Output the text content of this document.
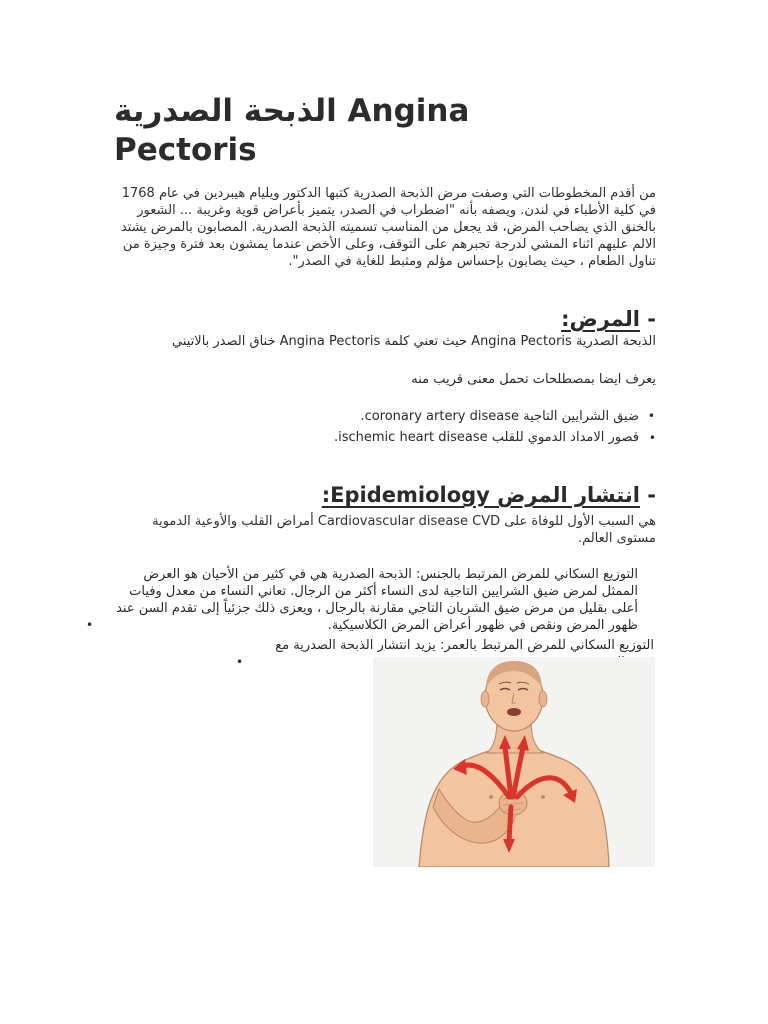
الذبحة الصدرية Angina Pectoris

من أقدم المخطوطات التي وصفت مرض الذبحة الصدرية كتبها الدكتور ويليام هيبردين في عام 1768 في كلية الأطباء في لندن. ويصفه بأنه "اضطراب في الصدر، يتميز بأعراض قوية وغريبة ... الشعور بالخنق الذي يصاحب المرض، قد يجعل من المناسب تسميته الذبحة الصدرية. المصابون بالمرض يشتد الالم عليهم اثناء المشي لدرجة تجبرهم على التوقف، وعلى الأخص عندما يمشون بعد فترة وجيزة من تناول الطعام ، حيث يصابون بإحساس مؤلم ومثبط للغاية في الصدر".

- المرض:

الذبحة الصدرية Angina Pectoris حيث تعني كلمة Angina Pectoris خناق الصدر بالاتيني

يعرف ايضا بمصطلحات تحمل معنى قريب منه

ضيق الشرايين التاجية coronary artery disease. •
قصور الامداد الدموي للقلب ischemic heart disease. •
- انتشار المرض Epidemiology:

هي السبب الأول للوفاة على Cardiovascular disease CVD أمراض القلب والأوعية الدموية مستوى العالم.

التوزيع السكاني للمرض المرتبط بالجنس: الذبحة الصدرية هي في كثير من الأحيان هو العرض الممثل لمرض ضيق الشرايين التاجية لدى النساء أكثر من الرجال. تعاني النساء من معدل وفيات أعلى بقليل من مرض ضيق الشريان التاجي مقارنة بالرجال ، ويعزى ذلك جزئياً إلى تقدم السن عند ظهور المرض ونقص في ظهور أعراض المرض الكلاسيكية.
•
التوزيع السكاني للمرض المرتبط بالعمر: يزيد انتشار الذبحة الصدرية مع
•
